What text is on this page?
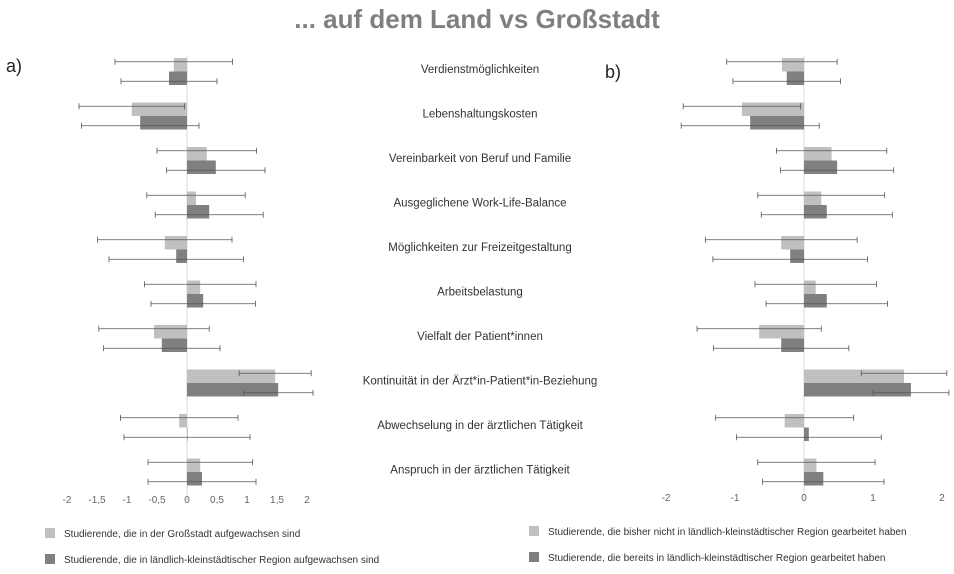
... auf dem Land vs Großstadt
a)	b)
-2 -1,5 -1 -0,5 0 0,5 1 1,5 2	-2	-1	0	1	2
Verdienstmöglichkeiten
Lebenshaltungskosten
Vereinbarkeit von Beruf und Familie
Ausgeglichene Work-Life-Balance
Möglichkeiten zur Freizeitgestaltung
Arbeitsbelastung
Vielfalt der Patient*innen
Kontinuität in der Ärzt*in-Patient*in-Beziehung
Abwechselung in der ärztlichen Tätigkeit
Anspruch in der ärztlichen Tätigkeit
Studierende, die in der Großstadt aufgewachsen sind
Studierende, die in ländlich-kleinstädtischer Region aufgewachsen sind
Studierende, die bisher nicht in ländlich-kleinstädtischer Region gearbeitet haben
Studierende, die bereits in ländlich-kleinstädtischer Region gearbeitet haben
